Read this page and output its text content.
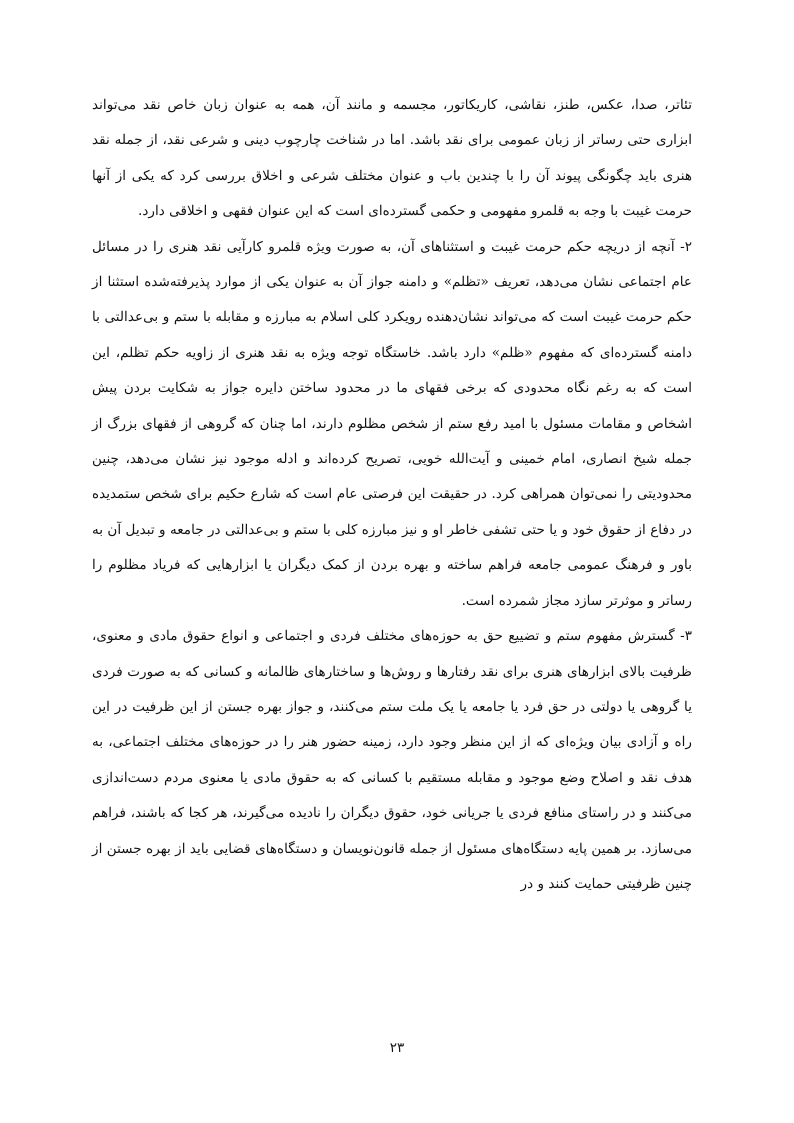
تئاتر، صدا، عکس، طنز، نقاشی، کاریکاتور، مجسمه و مانند آن، همه به عنوان زبان خاص نقد می‌تواند ابزاری حتی رساتر از زبان عمومی برای نقد باشد. اما در شناخت چارچوب دینی و شرعی نقد، از جمله نقد هنری باید چگونگی پیوند آن را با چندین باب و عنوان مختلف شرعی و اخلاق بررسی کرد که یکی از آنها حرمت غیبت با وجه به قلمرو مفهومی و حکمی گسترده‌ای است که این عنوان فقهی و اخلاقی دارد.

۲- آنچه از دریچه حکم حرمت غیبت و استثناهای آن، به صورت ویژه قلمرو کارآیی نقد هنری را در مسائل عام اجتماعی نشان می‌دهد، تعریف «تظلم» و دامنه جواز آن به عنوان یکی از موارد پذیرفته‌شده استثنا از حکم حرمت غیبت است که می‌تواند نشان‌دهنده رویکرد کلی اسلام به مبارزه و مقابله با ستم و بی‌عدالتی با دامنه گسترده‌ای که مفهوم «ظلم» دارد باشد. خاستگاه توجه ویژه به نقد هنری از زاویه حکم تظلم، این است که به رغم نگاه محدودی که برخی فقهای ما در محدود ساختن دایره جواز به شکایت بردن پیش اشخاص و مقامات مسئول با امید رفع ستم از شخص مظلوم دارند، اما چنان که گروهی از فقهای بزرگ از جمله شیخ انصاری، امام خمینی و آیت‌الله خویی، تصریح کرده‌اند و ادله موجود نیز نشان می‌دهد، چنین محدودیتی را نمی‌توان همراهی کرد. در حقیقت این فرصتی عام است که شارع حکیم برای شخص ستمدیده در دفاع از حقوق خود و یا حتی تشفی خاطر او و نیز مبارزه کلی با ستم و بی‌عدالتی در جامعه و تبدیل آن به باور و فرهنگ عمومی جامعه فراهم ساخته و بهره بردن از کمک دیگران یا ابزارهایی که فریاد مظلوم را رساتر و موثرتر سازد مجاز شمرده است.

۳- گسترش مفهوم ستم و تضییع حق به حوزه‌های مختلف فردی و اجتماعی و انواع حقوق مادی و معنوی، ظرفیت بالای ابزارهای هنری برای نقد رفتارها و روش‌ها و ساختارهای ظالمانه و کسانی که به صورت فردی یا گروهی یا دولتی در حق فرد یا جامعه یا یک ملت ستم می‌کنند، و جواز بهره جستن از این ظرفیت در این راه و آزادی بیان ویژه‌ای که از این منظر وجود دارد، زمینه حضور هنر را در حوزه‌های مختلف اجتماعی، به هدف نقد و اصلاح وضع موجود و مقابله مستقیم با کسانی که به حقوق مادی یا معنوی مردم دست‌اندازی می‌کنند و در راستای منافع فردی یا جریانی خود، حقوق دیگران را نادیده می‌گیرند، هر کجا که باشند، فراهم می‌سازد. بر همین پایه دستگاه‌های مسئول از جمله قانون‌نویسان و دستگاه‌های قضایی باید از بهره جستن از چنین ظرفیتی حمایت کنند و در

۲۳
